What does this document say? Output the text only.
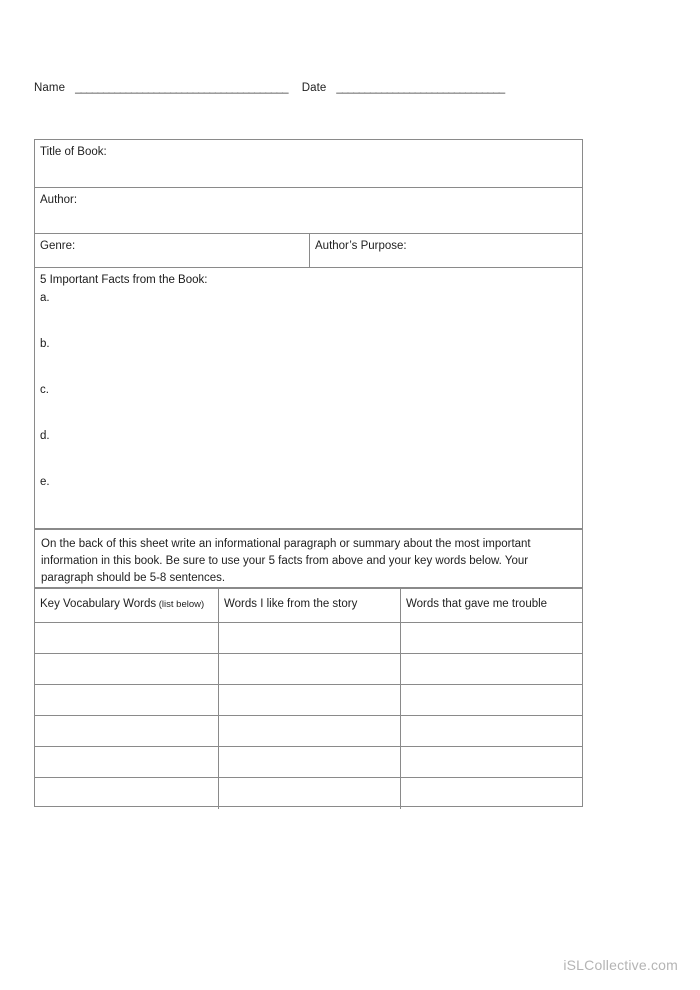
Name ______________________________________ Date ______________________________
Title of Book:
Author:
Genre:	Author’s Purpose:

5 Important Facts from the Book:

a.
b.
c.
d.
e.
On the back of this sheet write an informational paragraph or summary about the most important information in this book. Be sure to use your 5 facts from above and your key words below. Your paragraph should be 5-8 sentences.
Key Vocabulary Words (list below)	Words I like from the story	Words that gave me trouble
iSLCollective.com
